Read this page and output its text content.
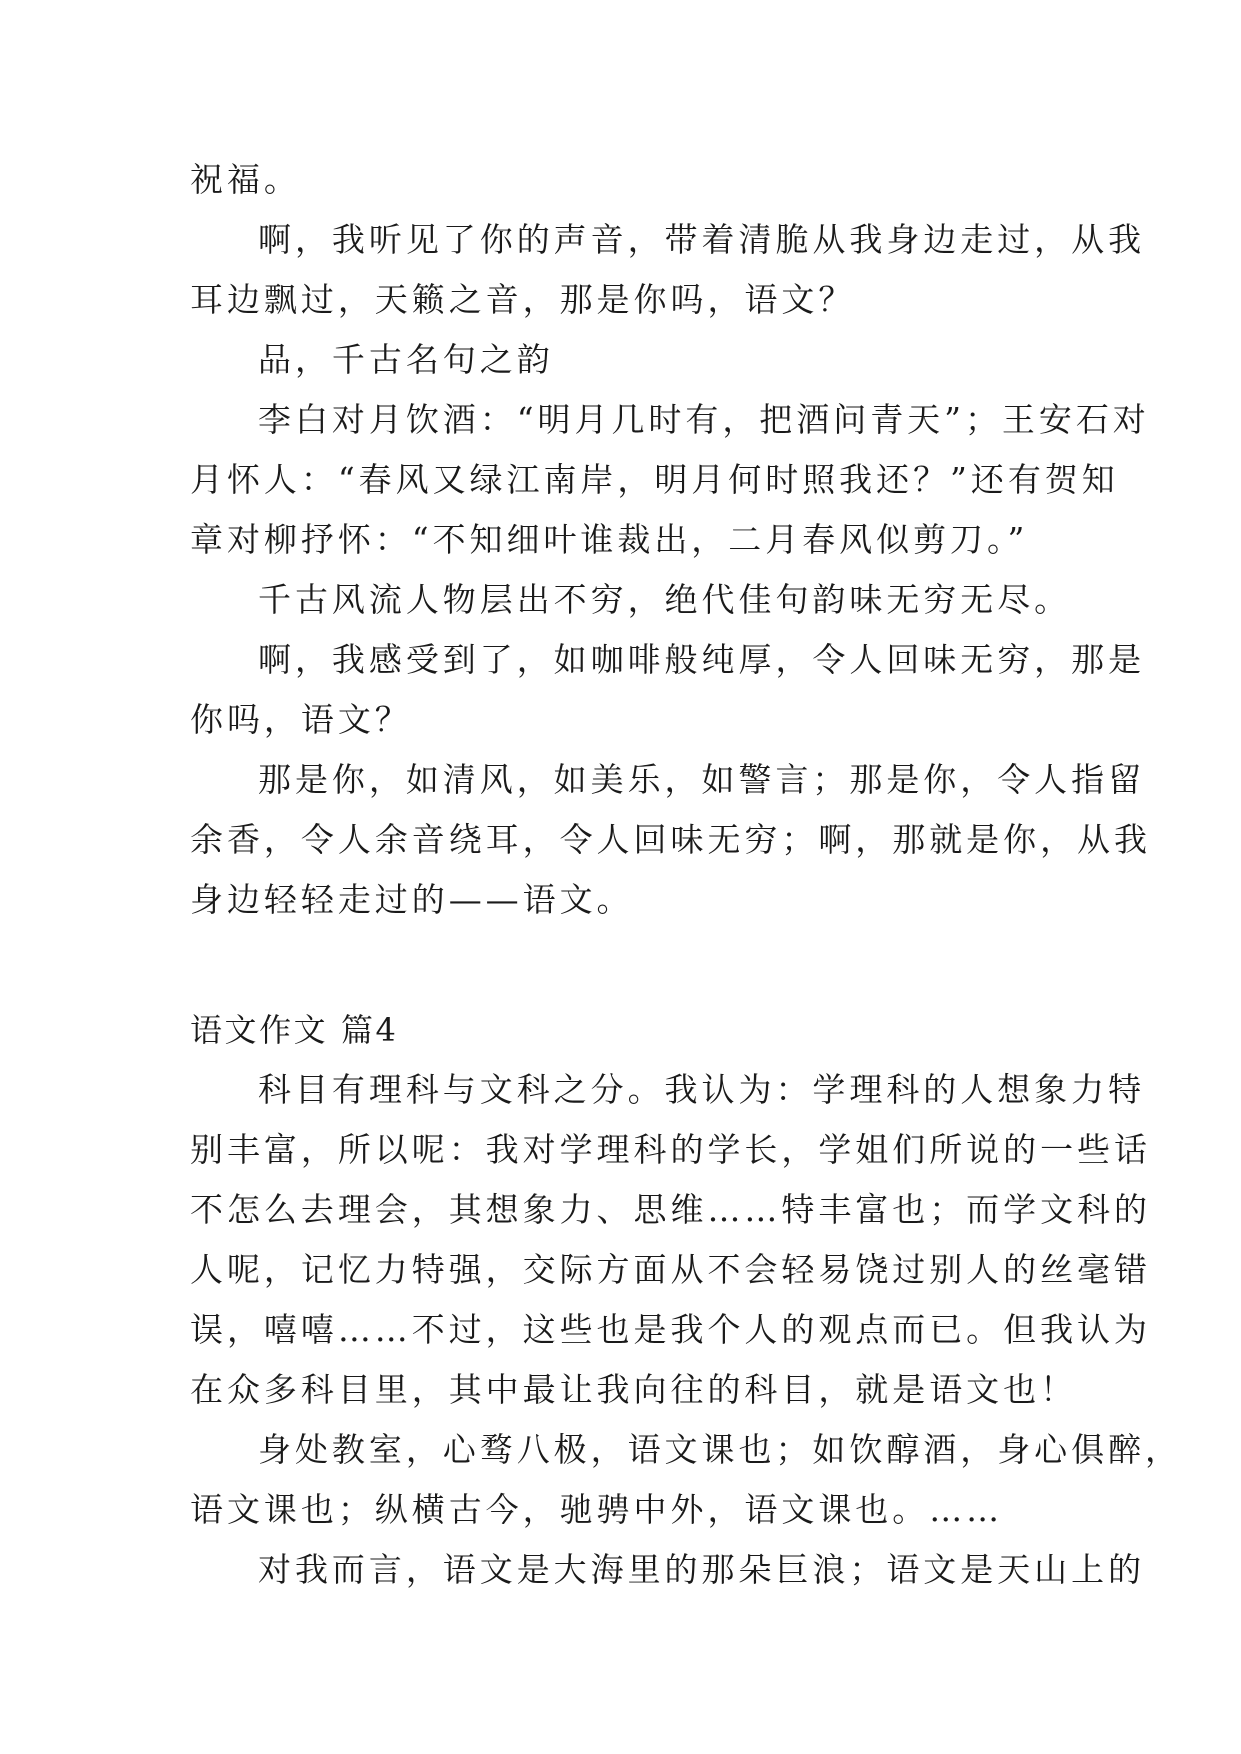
祝福。
啊，我听见了你的声音，带着清脆从我身边走过，从我
耳边飘过，天籁之音，那是你吗，语文？
品，千古名句之韵
李白对月饮酒：“明月几时有，把酒问青天”；王安石对
月怀人：“春风又绿江南岸，明月何时照我还？”还有贺知
章对柳抒怀：“不知细叶谁裁出，二月春风似剪刀。”
千古风流人物层出不穷，绝代佳句韵味无穷无尽。
啊，我感受到了，如咖啡般纯厚，令人回味无穷，那是
你吗，语文？
那是你，如清风，如美乐，如警言；那是你，令人指留
余香，令人余音绕耳，令人回味无穷；啊，那就是你，从我
身边轻轻走过的——语文。
语文作文 篇4
科目有理科与文科之分。我认为：学理科的人想象力特
别丰富，所以呢：我对学理科的学长，学姐们所说的一些话
不怎么去理会，其想象力、思维……特丰富也；而学文科的
人呢，记忆力特强，交际方面从不会轻易饶过别人的丝毫错
误，嘻嘻……不过，这些也是我个人的观点而已。但我认为
在众多科目里，其中最让我向往的科目，就是语文也！
身处教室，心骛八极，语文课也；如饮醇酒，身心俱醉，
语文课也；纵横古今，驰骋中外，语文课也。……
对我而言，语文是大海里的那朵巨浪；语文是天山上的
